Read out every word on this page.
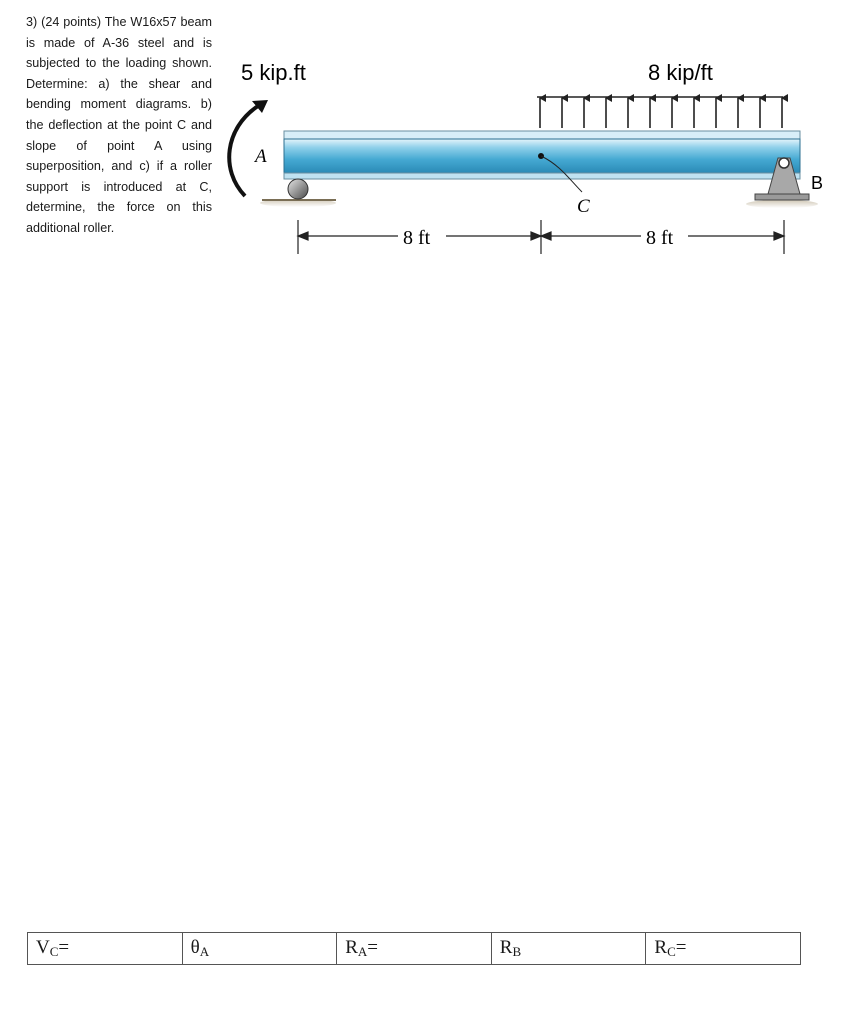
3) (24 points) The W16x57 beam is made of A-36 steel and is subjected to the loading shown. Determine: a) the shear and bending moment diagrams. b) the deflection at the point C and slope of point A using superposition, and c) if a roller support is introduced at C, determine, the force on this additional roller.
5 kip.ft	8 kip/ft
A
C
B
8 ft	8 ft
$V_C=$	$\theta_A$	$R_A=$	$R_B$	$R_C=$
